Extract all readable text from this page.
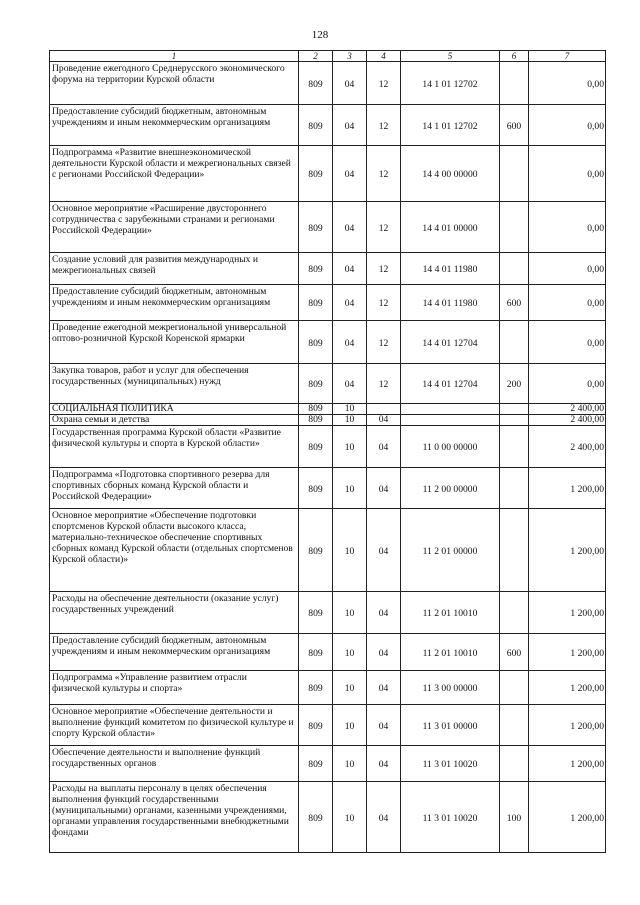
128
1	2	3	4	5	6	7
Проведение ежегодного Среднерусского экономического форума на территории Курской области	809	04	12	14 1 01 12702		0,00
Предоставление субсидий бюджетным, автономным учреждениям и иным некоммерческим организациям	809	04	12	14 1 01 12702	600	0,00
Подпрограмма «Развитие внешнеэкономической деятельности Курской области и межрегиональных связей с регионами Российской Федерации»	809	04	12	14 4 00 00000		0,00
Основное мероприятие «Расширение двустороннего сотрудничества с зарубежными странами и регионами Российской Федерации»	809	04	12	14 4 01 00000		0,00
Создание условий для развития международных и межрегиональных связей	809	04	12	14 4 01 11980		0,00
Предоставление субсидий бюджетным, автономным учреждениям и иным некоммерческим организациям	809	04	12	14 4 01 11980	600	0,00
Проведение ежегодной межрегиональной универсальной оптово-розничной Курской Коренской ярмарки	809	04	12	14 4 01 12704		0,00
Закупка товаров, работ и услуг для обеспечения государственных (муниципальных) нужд	809	04	12	14 4 01 12704	200	0,00
СОЦИАЛЬНАЯ ПОЛИТИКА	809	10				2 400,00
Охрана семьи и детства	809	10	04			2 400,00
Государственная программа Курской области «Развитие физической культуры и спорта в Курской области»	809	10	04	11 0 00 00000		2 400,00
Подпрограмма «Подготовка спортивного резерва для спортивных сборных команд Курской области и Российской Федерации»	809	10	04	11 2 00 00000		1 200,00
Основное мероприятие «Обеспечение подготовки спортсменов Курской области высокого класса, материально-техническое обеспечение спортивных сборных команд Курской области (отдельных спортсменов Курской области)»	809	10	04	11 2 01 00000		1 200,00
Расходы на обеспечение деятельности (оказание услуг) государственных учреждений	809	10	04	11 2 01 10010		1 200,00
Предоставление субсидий бюджетным, автономным учреждениям и иным некоммерческим организациям	809	10	04	11 2 01 10010	600	1 200,00
Подпрограмма «Управление развитием отрасли физической культуры и спорта»	809	10	04	11 3 00 00000		1 200,00
Основное мероприятие «Обеспечение деятельности и выполнение функций комитетом по физической культуре и спорту Курской области»	809	10	04	11 3 01 00000		1 200,00
Обеспечение деятельности и выполнение функций государственных органов	809	10	04	11 3 01 10020		1 200,00
Расходы на выплаты персоналу в целях обеспечения выполнения функций государственными (муниципальными) органами, казенными учреждениями, органами управления государственными внебюджетными фондами	809	10	04	11 3 01 10020	100	1 200,00
